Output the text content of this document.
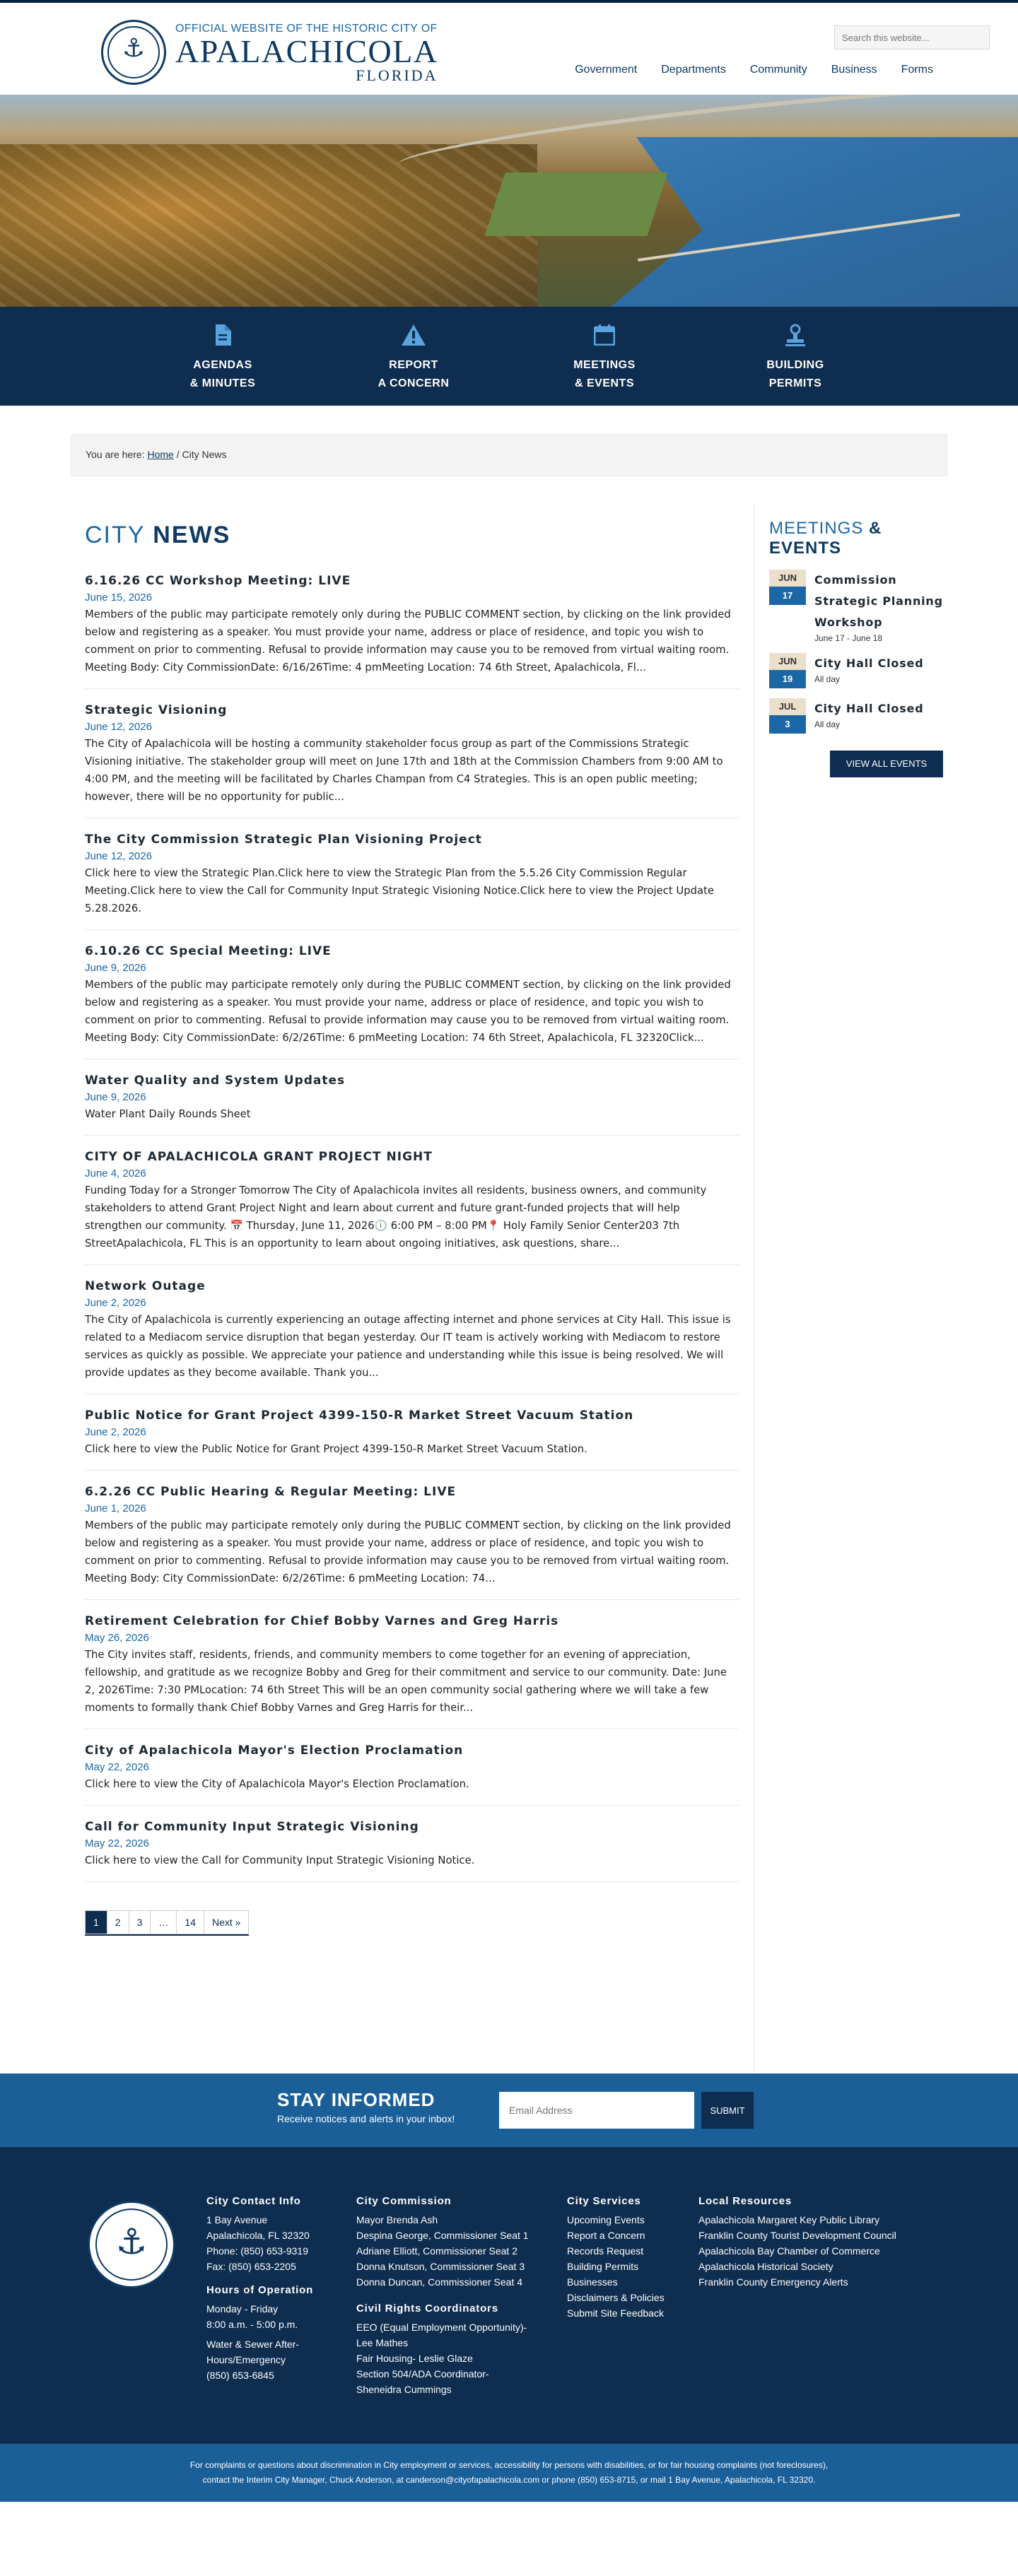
⚓
OFFICIAL WEBSITE OF THE HISTORIC CITY OF
APALACHICOLA
FLORIDA
Search this website...	Government Departments Community Business Forms
AGENDAS
& MINUTES
REPORT
A CONCERN
MEETINGS
& EVENTS
BUILDING
PERMITS
You are here: Home / City News
CITY NEWS
6.16.26 CC Workshop Meeting: LIVE
June 15, 2026

Members of the public may participate remotely only during the PUBLIC COMMENT section, by clicking on the link provided below and registering as a speaker. You must provide your name, address or place of residence, and topic you wish to comment on prior to commenting. Refusal to provide information may cause you to be removed from virtual waiting room. Meeting Body: City CommissionDate: 6/16/26Time: 4 pmMeeting Location: 74 6th Street, Apalachicola, Fl...

Strategic Visioning
June 12, 2026

The City of Apalachicola will be hosting a community stakeholder focus group as part of the Commissions Strategic Visioning initiative. The stakeholder group will meet on June 17th and 18th at the Commission Chambers from 9:00 AM to 4:00 PM, and the meeting will be facilitated by Charles Champan from C4 Strategies. This is an open public meeting; however, there will be no opportunity for public...

The City Commission Strategic Plan Visioning Project
June 12, 2026

Click here to view the Strategic Plan.Click here to view the Strategic Plan from the 5.5.26 City Commission Regular Meeting.Click here to view the Call for Community Input Strategic Visioning Notice.Click here to view the Project Update 5.28.2026.

6.10.26 CC Special Meeting: LIVE
June 9, 2026

Members of the public may participate remotely only during the PUBLIC COMMENT section, by clicking on the link provided below and registering as a speaker. You must provide your name, address or place of residence, and topic you wish to comment on prior to commenting. Refusal to provide information may cause you to be removed from virtual waiting room. Meeting Body: City CommissionDate: 6/2/26Time: 6 pmMeeting Location: 74 6th Street, Apalachicola, FL 32320Click...

Water Quality and System Updates
June 9, 2026

Water Plant Daily Rounds Sheet

CITY OF APALACHICOLA GRANT PROJECT NIGHT
June 4, 2026

Funding Today for a Stronger Tomorrow The City of Apalachicola invites all residents, business owners, and community stakeholders to attend Grant Project Night and learn about current and future grant-funded projects that will help strengthen our community. 📅 Thursday, June 11, 2026🕕 6:00 PM – 8:00 PM📍 Holy Family Senior Center203 7th StreetApalachicola, FL This is an opportunity to learn about ongoing initiatives, ask questions, share...

Network Outage
June 2, 2026

The City of Apalachicola is currently experiencing an outage affecting internet and phone services at City Hall. This issue is related to a Mediacom service disruption that began yesterday. Our IT team is actively working with Mediacom to restore services as quickly as possible. We appreciate your patience and understanding while this issue is being resolved. We will provide updates as they become available. Thank you...

Public Notice for Grant Project 4399-150-R Market Street Vacuum Station
June 2, 2026

Click here to view the Public Notice for Grant Project 4399-150-R Market Street Vacuum Station.

6.2.26 CC Public Hearing & Regular Meeting: LIVE
June 1, 2026

Members of the public may participate remotely only during the PUBLIC COMMENT section, by clicking on the link provided below and registering as a speaker. You must provide your name, address or place of residence, and topic you wish to comment on prior to commenting. Refusal to provide information may cause you to be removed from virtual waiting room. Meeting Body: City CommissionDate: 6/2/26Time: 6 pmMeeting Location: 74...

Retirement Celebration for Chief Bobby Varnes and Greg Harris
May 26, 2026

The City invites staff, residents, friends, and community members to come together for an evening of appreciation, fellowship, and gratitude as we recognize Bobby and Greg for their commitment and service to our community. Date: June 2, 2026Time: 7:30 PMLocation: 74 6th Street This will be an open community social gathering where we will take a few moments to formally thank Chief Bobby Varnes and Greg Harris for their...

City of Apalachicola Mayor's Election Proclamation
May 22, 2026

Click here to view the City of Apalachicola Mayor's Election Proclamation.

Call for Community Input Strategic Visioning
May 22, 2026

Click here to view the Call for Community Input Strategic Visioning Notice.

1	2	3	…	14	Next »
MEETINGS & EVENTS
JUN
17
Commission Strategic Planning Workshop
June 17 - June 18
JUN
19
City Hall Closed
All day
JUL
3
City Hall Closed
All day
VIEW ALL EVENTS
STAY INFORMED
Receive notices and alerts in your inbox!
Email Address
SUBMIT
⚓
City Contact Info
1 Bay Avenue
Apalachicola, FL 32320
Phone: (850) 653-9319
Fax: (850) 653-2205
Hours of Operation
Monday - Friday
8:00 a.m. - 5:00 p.m.
Water & Sewer After-
Hours/Emergency
(850) 653-6845
City Commission
Mayor Brenda Ash
Despina George, Commissioner Seat 1
Adriane Elliott, Commissioner Seat 2
Donna Knutson, Commissioner Seat 3
Donna Duncan, Commissioner Seat 4
Civil Rights Coordinators
EEO (Equal Employment Opportunity)-
Lee Mathes
Fair Housing- Leslie Glaze
Section 504/ADA Coordinator-
Sheneidra Cummings
City Services
Upcoming Events
Report a Concern
Records Request
Building Permits
Businesses
Disclaimers & Policies
Submit Site Feedback
Local Resources
Apalachicola Margaret Key Public Library
Franklin County Tourist Development Council
Apalachicola Bay Chamber of Commerce
Apalachicola Historical Society
Franklin County Emergency Alerts
For complaints or questions about discrimination in City employment or services, accessibility for persons with disabilities, or for fair housing complaints (not foreclosures),
contact the Interim City Manager, Chuck Anderson, at canderson@cityofapalachicola.com or phone (850) 653-8715, or mail 1 Bay Avenue, Apalachicola, FL 32320.
